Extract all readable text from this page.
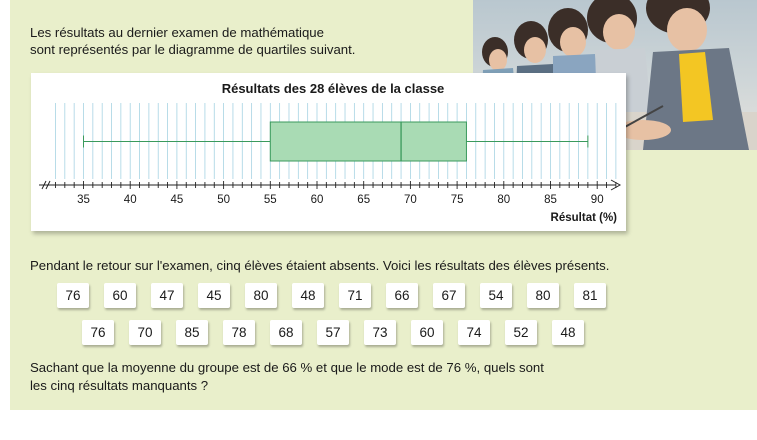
Les résultats au dernier examen de mathématique
sont représentés par le diagramme de quartiles suivant.
Résultats des 28 élèves de la classe
35	40	45	50	55	60	65	70	75	80	85	90
Résultat (%)
Pendant le retour sur l'examen, cinq élèves étaient absents. Voici les résultats des élèves présents.
76	60	47	45	80	48	71	66	67	54	80	81
76	70	85	78	68	57	73	60	74	52	48
Sachant que la moyenne du groupe est de 66 % et que le mode est de 76 %, quels sont
les cinq résultats manquants ?
